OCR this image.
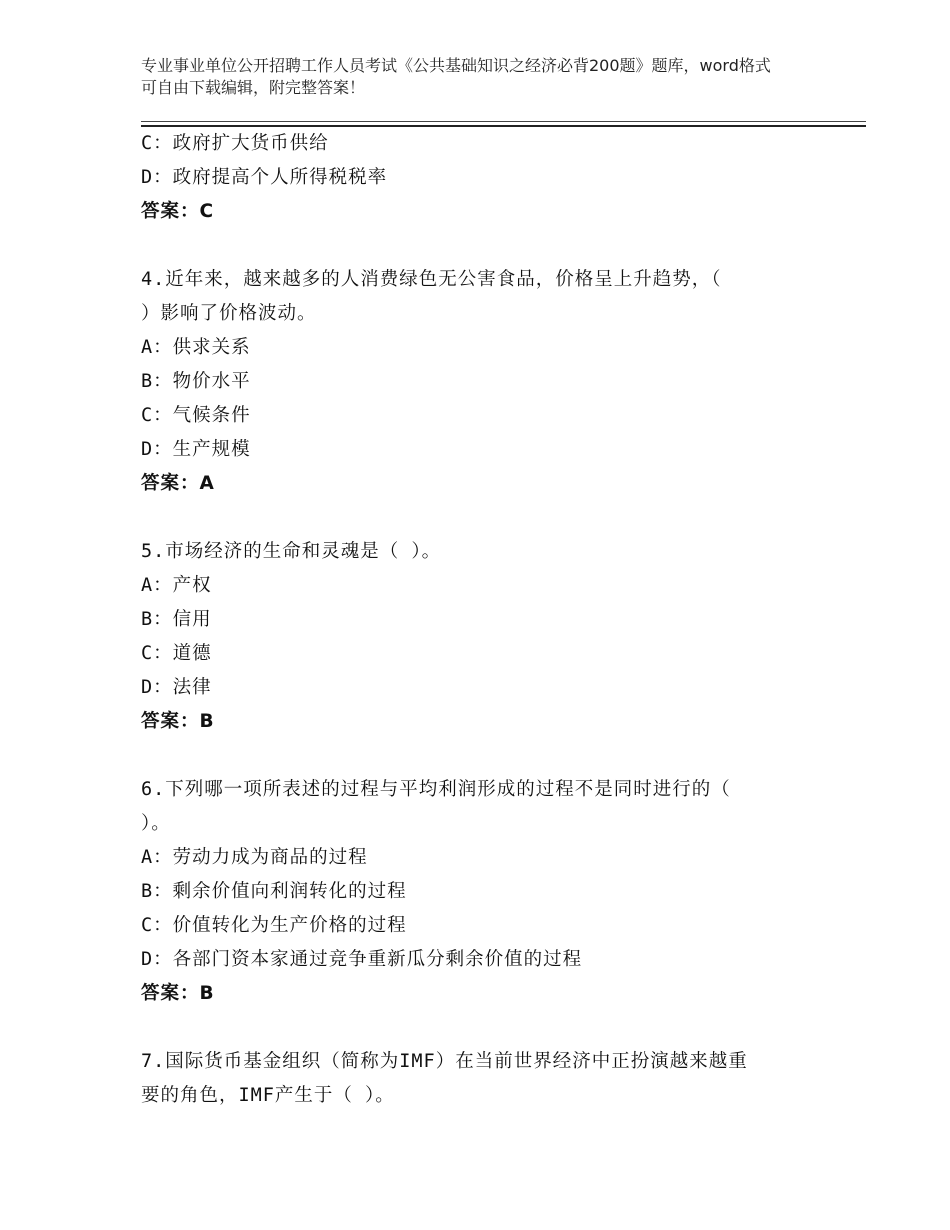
专业事业单位公开招聘工作人员考试《公共基础知识之经济必背200题》题库，word格式可自由下载编辑，附完整答案！
C：政府扩大货币供给
D：政府提高个人所得税税率
答案：C
4.近年来，越来越多的人消费绿色无公害食品，价格呈上升趋势，（
）影响了价格波动。
A：供求关系
B：物价水平
C：气候条件
D：生产规模
答案：A
5.市场经济的生命和灵魂是（ ）。
A：产权
B：信用
C：道德
D：法律
答案：B
6.下列哪一项所表述的过程与平均利润形成的过程不是同时进行的（
）。
A：劳动力成为商品的过程
B：剩余价值向利润转化的过程
C：价值转化为生产价格的过程
D：各部门资本家通过竞争重新瓜分剩余价值的过程
答案：B
7.国际货币基金组织（简称为IMF）在当前世界经济中正扮演越来越重
要的角色，IMF产生于（ ）。
